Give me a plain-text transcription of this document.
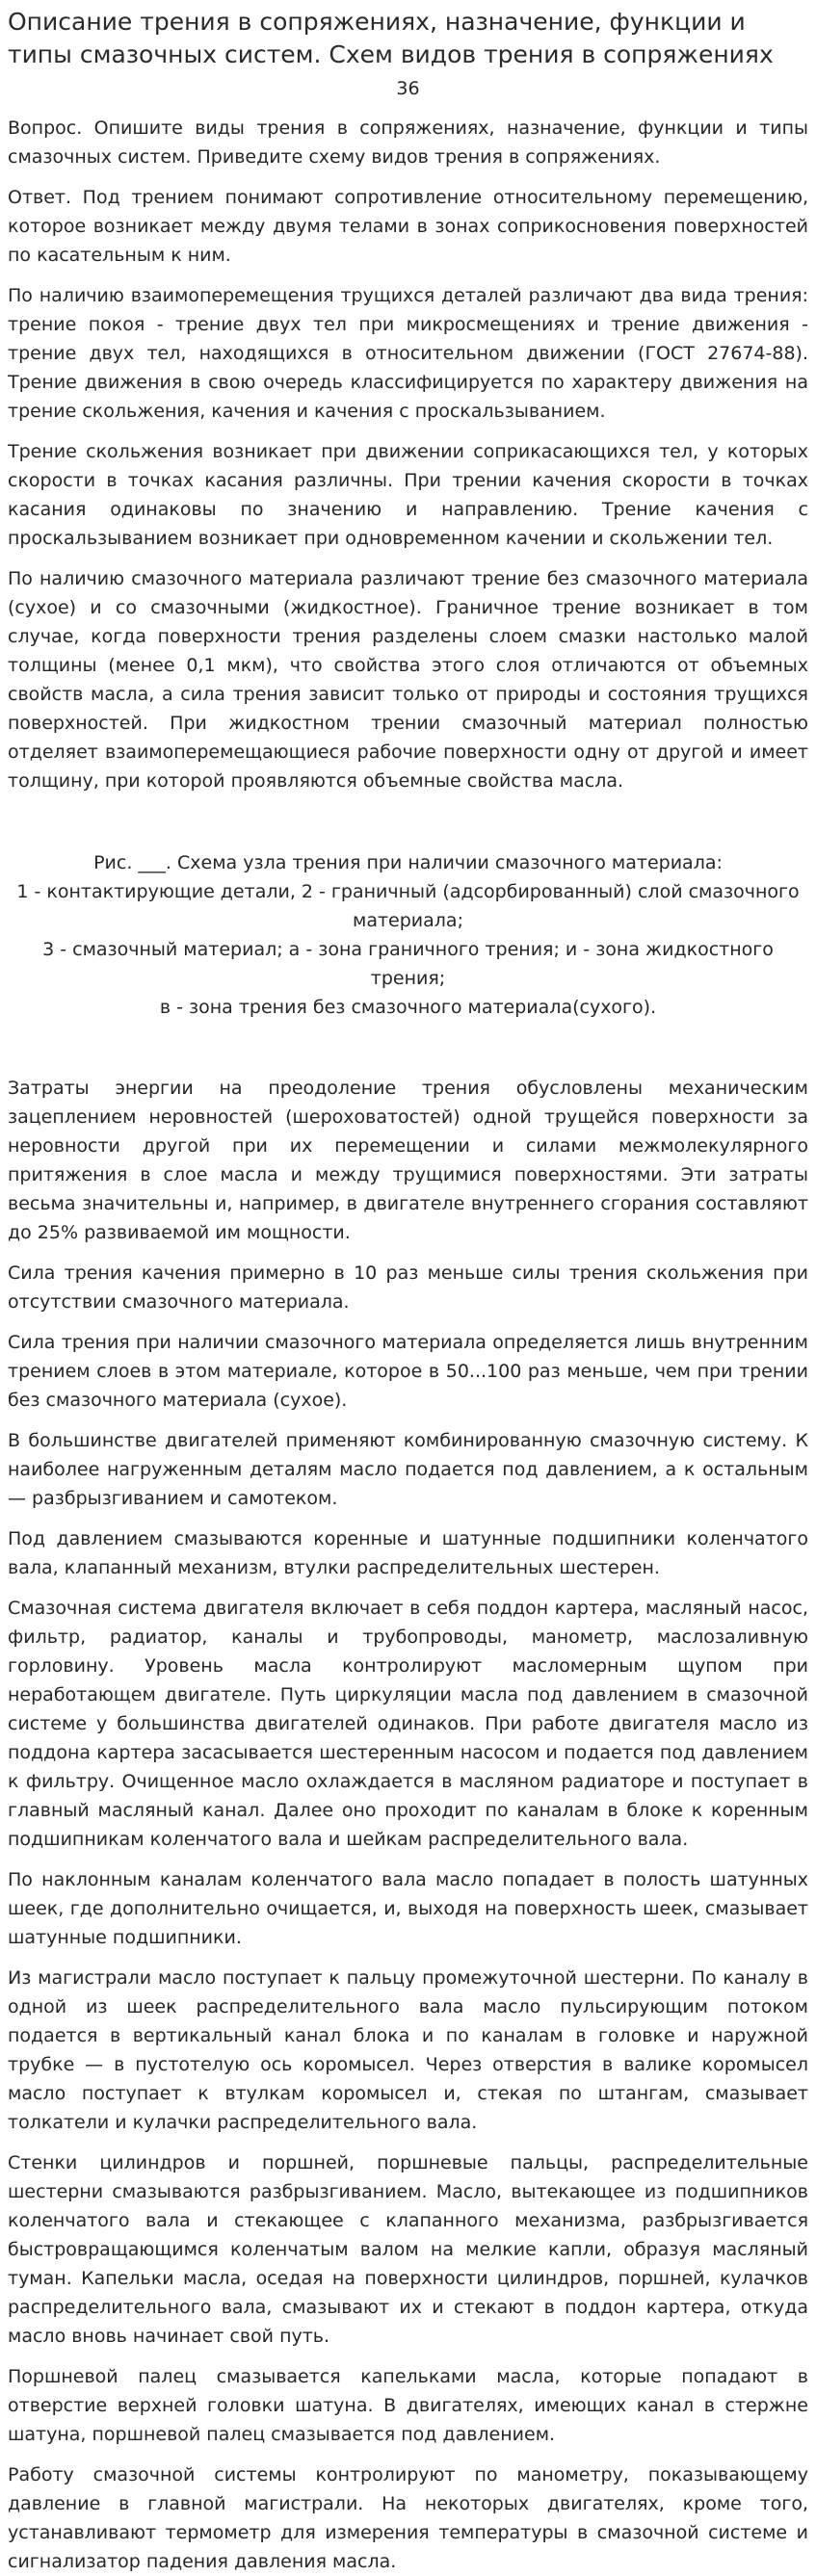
Описание трения в сопряжениях, назначение, функции и типы смазочных систем. Схем видов трения в сопряжениях
36

Вопрос. Опишите виды трения в сопряжениях, назначение, функции и типы смазочных систем. Приведите схему видов трения в сопряжениях.

Ответ. Под трением понимают сопротивление относительному перемещению, которое возникает между двумя телами в зонах соприкосновения поверхностей по касательным к ним.

По наличию взаимоперемещения трущихся деталей различают два вида трения: трение покоя - трение двух тел при микросмещениях и трение движения - трение двух тел, находящихся в относительном движении (ГОСТ 27674-88). Трение движения в свою очередь классифицируется по характеру движения на трение скольжения, качения и качения с проскальзыванием.

Трение скольжения возникает при движении соприкасающихся тел, у которых скорости в точках касания различны. При трении качения скорости в точках касания одинаковы по значению и направлению. Трение качения с проскальзыванием возникает при одновременном качении и скольжении тел.

По наличию смазочного материала различают трение без смазочного материала (сухое) и со смазочными (жидкостное). Граничное трение возникает в том случае, когда поверхности трения разделены слоем смазки настолько малой толщины (менее 0,1 мкм), что свойства этого слоя отличаются от объемных свойств масла, а сила трения зависит только от природы и состояния трущихся поверхностей. При жидкостном трении смазочный материал полностью отделяет взаимоперемещающиеся рабочие поверхности одну от другой и имеет толщину, при которой проявляются объемные свойства масла.

Рис. ___. Схема узла трения при наличии смазочного материала:
1 - контактирующие детали, 2 - граничный (адсорбированный) слой смазочного материала;
3 - смазочный материал; а - зона граничного трения; и - зона жидкостного трения;
в - зона трения без смазочного материала(сухого).

Затраты энергии на преодоление трения обусловлены механическим зацеплением неровностей (шероховатостей) одной трущейся поверхности за неровности другой при их перемещении и силами межмолекулярного притяжения в слое масла и между трущимися поверхностями. Эти затраты весьма значительны и, например, в двигателе внутреннего сгорания составляют до 25% развиваемой им мощности.

Сила трения качения примерно в 10 раз меньше силы трения скольжения при отсутствии смазочного материала.

Сила трения при наличии смазочного материала определяется лишь внутренним трением слоев в этом материале, которое в 50...100 раз меньше, чем при трении без смазочного материала (сухое).

В большинстве двигателей применяют комбинированную смазочную систему. К наиболее нагруженным деталям масло подается под давлением, а к остальным — разбрызгиванием и самотеком.

Под давлением смазываются коренные и шатунные подшипники коленчатого вала, клапанный механизм, втулки распределительных шестерен.

Смазочная система двигателя включает в себя поддон картера, масляный насос, фильтр, радиатор, каналы и трубопроводы, манометр, маслозаливную горловину. Уровень масла контролируют масломерным щупом при неработающем двигателе. Путь циркуляции масла под давлением в смазочной системе у большинства двигателей одинаков. При работе двигателя масло из поддона картера засасывается шестеренным насосом и подается под давлением к фильтру. Очищенное масло охлаждается в масляном радиаторе и поступает в главный масляный канал. Далее оно проходит по каналам в блоке к коренным подшипникам коленчатого вала и шейкам распределительного вала.

По наклонным каналам коленчатого вала масло попадает в полость шатунных шеек, где дополнительно очищается, и, выходя на поверхность шеек, смазывает шатунные подшипники.

Из магистрали масло поступает к пальцу промежуточной шестерни. По каналу в одной из шеек распределительного вала масло пульсирующим потоком подается в вертикальный канал блока и по каналам в головке и наружной трубке — в пустотелую ось коромысел. Через отверстия в валике коромысел масло поступает к втулкам коромысел и, стекая по штангам, смазывает толкатели и кулачки распределительного вала.

Стенки цилиндров и поршней, поршневые пальцы, распределительные шестерни смазываются разбрызгиванием. Масло, вытекающее из подшипников коленчатого вала и стекающее с клапанного механизма, разбрызгивается быстровращающимся коленчатым валом на мелкие капли, образуя масляный туман. Капельки масла, оседая на поверхности цилиндров, поршней, кулачков распределительного вала, смазывают их и стекают в поддон картера, откуда масло вновь начинает свой путь.

Поршневой палец смазывается капельками масла, которые попадают в отверстие верхней головки шатуна. В двигателях, имеющих канал в стержне шатуна, поршневой палец смазывается под давлением.

Работу смазочной системы контролируют по манометру, показывающему давление в главной магистрали. На некоторых двигателях, кроме того, устанавливают термометр для измерения температуры в смазочной системе и сигнализатор падения давления масла.
